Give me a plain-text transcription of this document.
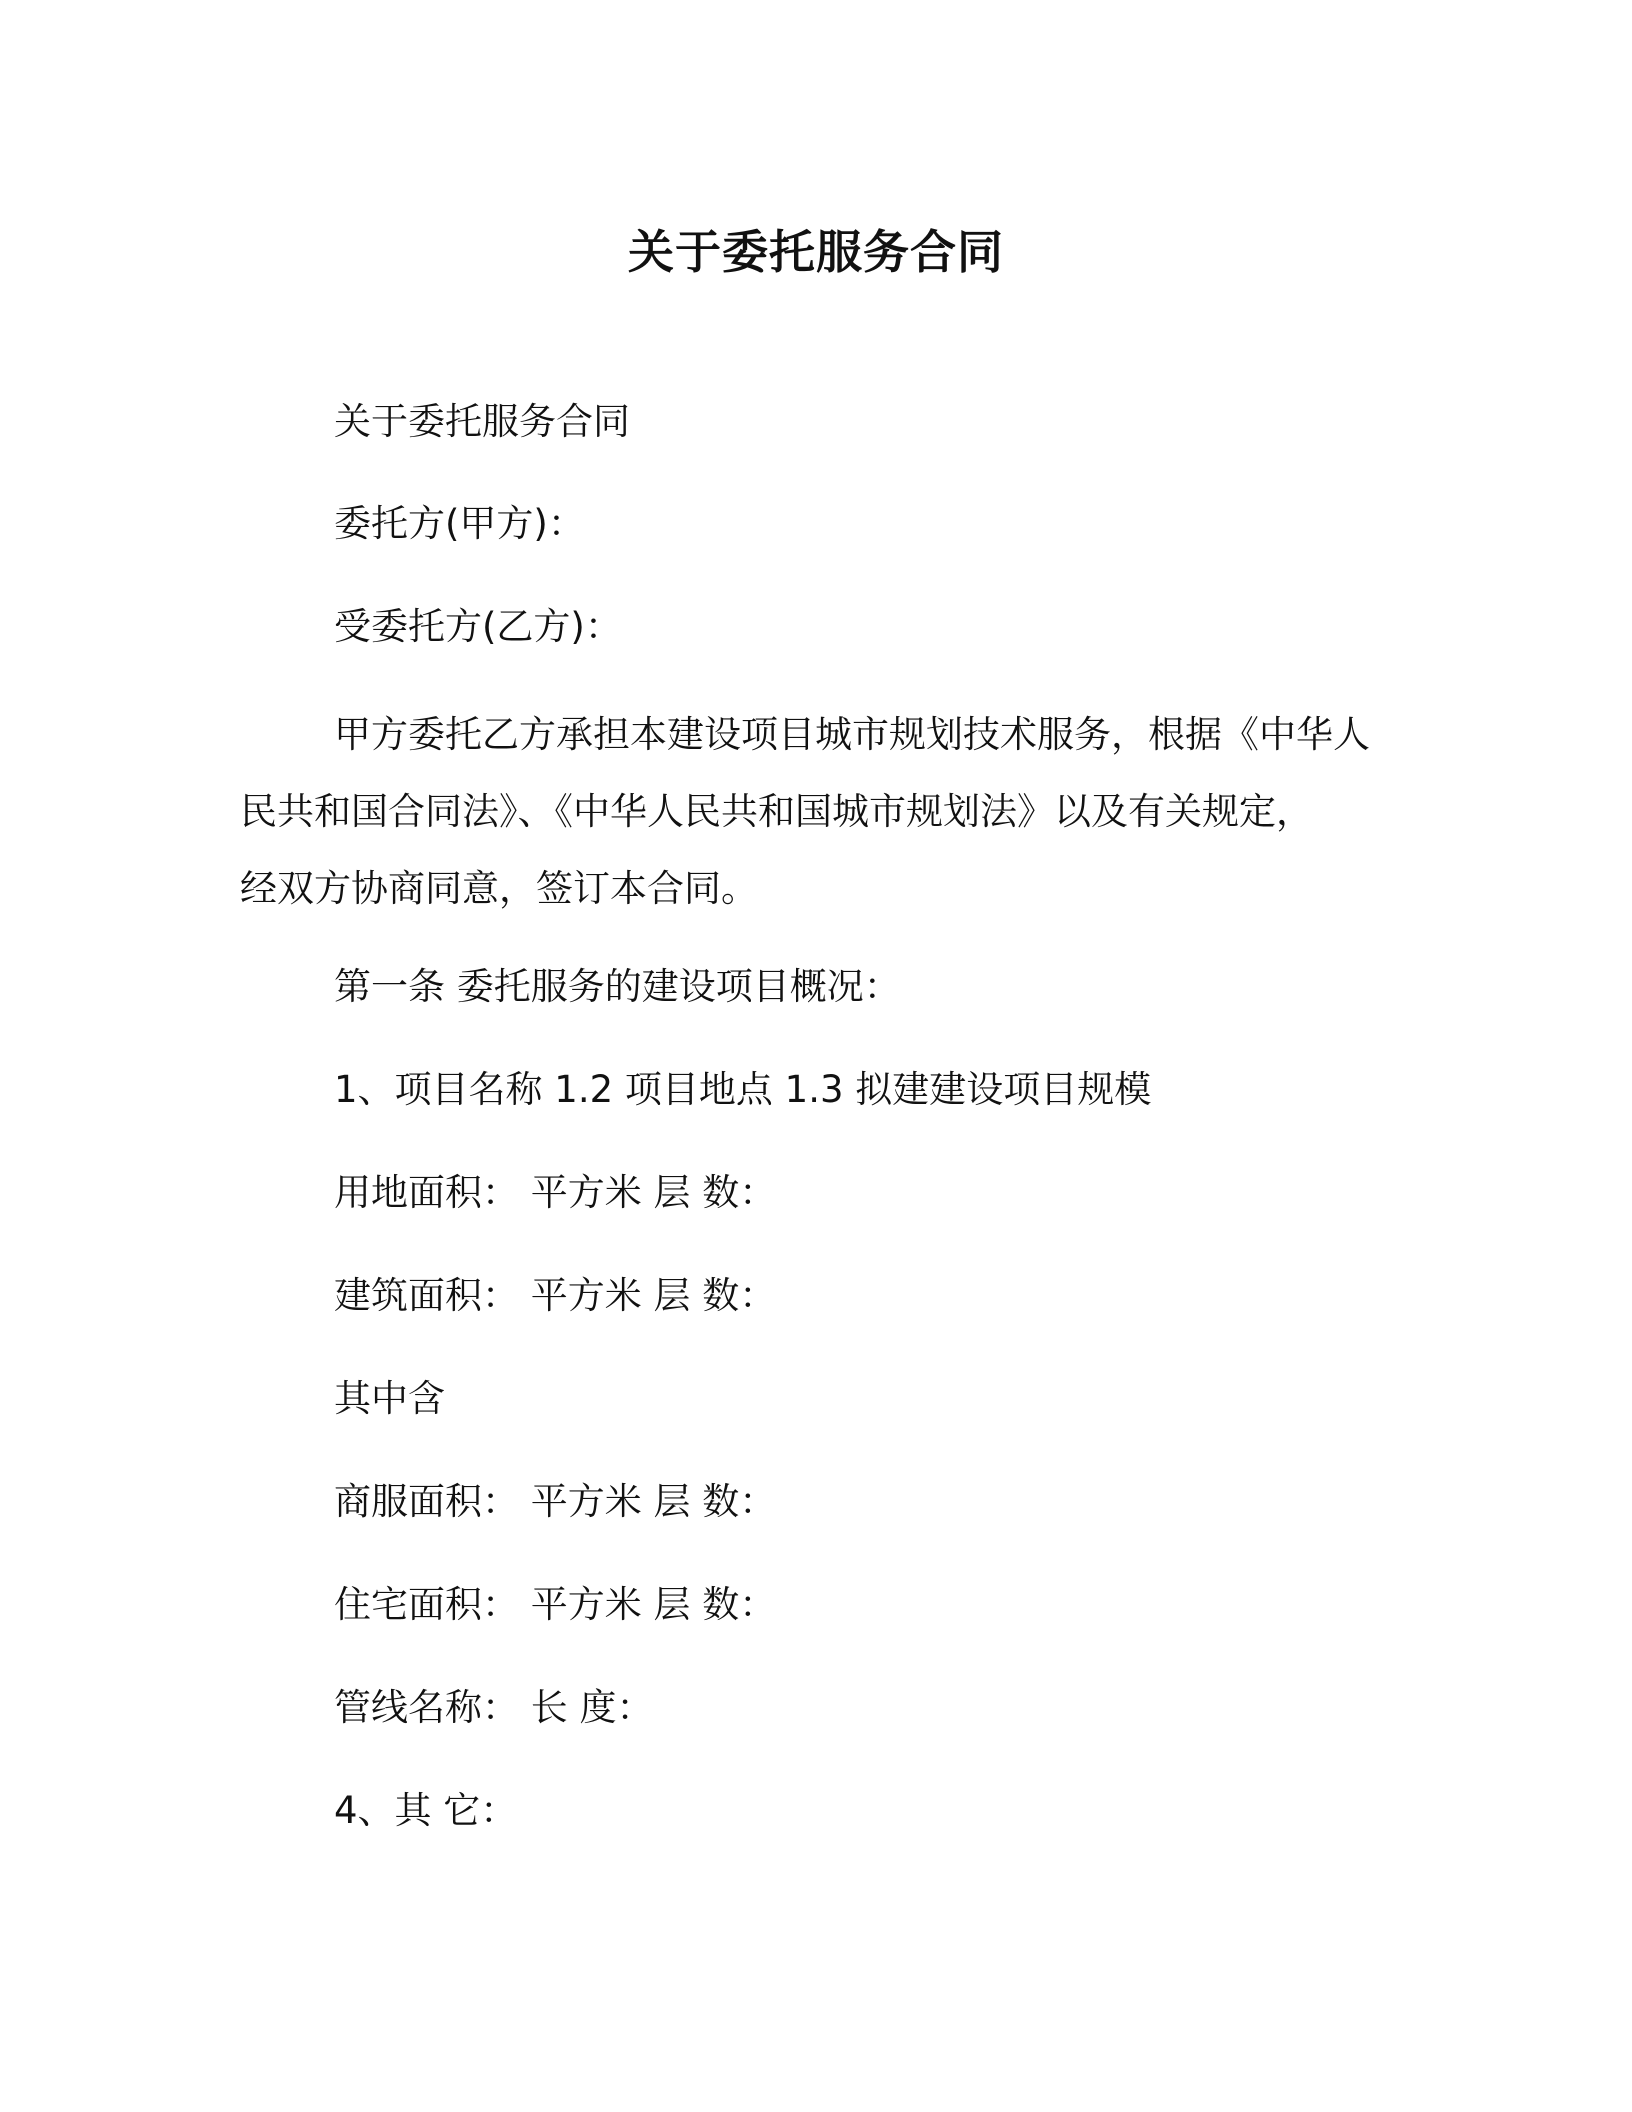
关于委托服务合同

关于委托服务合同

委托方(甲方)：

受委托方(乙方)：

甲方委托乙方承担本建设项目城市规划技术服务，根据《中华人
民共和国合同法》、《中华人民共和国城市规划法》以及有关规定，
经双方协商同意，签订本合同。

第一条 委托服务的建设项目概况：

1、项目名称 1.2 项目地点 1.3 拟建建设项目规模

用地面积： 平方米 层 数：

建筑面积： 平方米 层 数：

其中含

商服面积： 平方米 层 数：

住宅面积： 平方米 层 数：

管线名称： 长 度：

4、其 它：
